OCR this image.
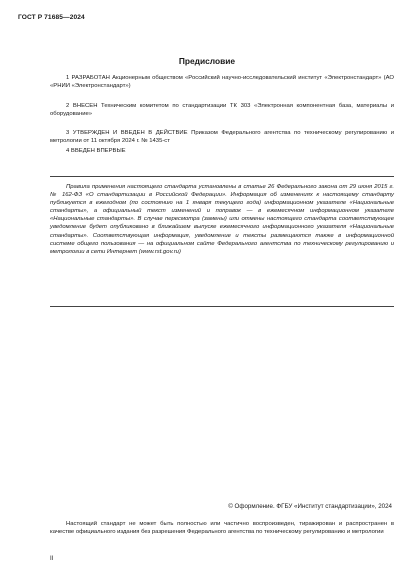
ГОСТ Р 71685—2024
Предисловие

1 РАЗРАБОТАН Акционерным обществом «Российский научно-исследовательский институт «Электронстандарт» (АО «РНИИ «Электронстандарт»)

2 ВНЕСЕН Техническим комитетом по стандартизации ТК 303 «Электронная компонентная база, материалы и оборудование»

3 УТВЕРЖДЕН И ВВЕДЕН В ДЕЙСТВИЕ Приказом Федерального агентства по техническому регулированию и метрологии от 11 октября 2024 г. № 1435-ст

4 ВВЕДЕН ВПЕРВЫЕ

Правила применения настоящего стандарта установлены в статье 26 Федерального закона от 29 июня 2015 г. № 162-ФЗ «О стандартизации в Российской Федерации». Информация об изменениях к настоящему стандарту публикуется в ежегодном (по состоянию на 1 января текущего года) информационном указателе «Национальные стандарты», а официальный текст изменений и поправок — в ежемесячном информационном указателе «Национальные стандарты». В случае пересмотра (замены) или отмены настоящего стандарта соответствующее уведомление будет опубликовано в ближайшем выпуске ежемесячного информационного указателя «Национальные стандарты». Соответствующая информация, уведомление и тексты размещаются также в информационной системе общего пользования — на официальном сайте Федерального агентства по техническому регулированию и метрологии в сети Интернет (www.rst.gov.ru)

© Оформление. ФГБУ «Институт стандартизации», 2024

Настоящий стандарт не может быть полностью или частично воспроизведен, тиражирован и распространен в качестве официального издания без разрешения Федерального агентства по техническому регулированию и метрологии

II
